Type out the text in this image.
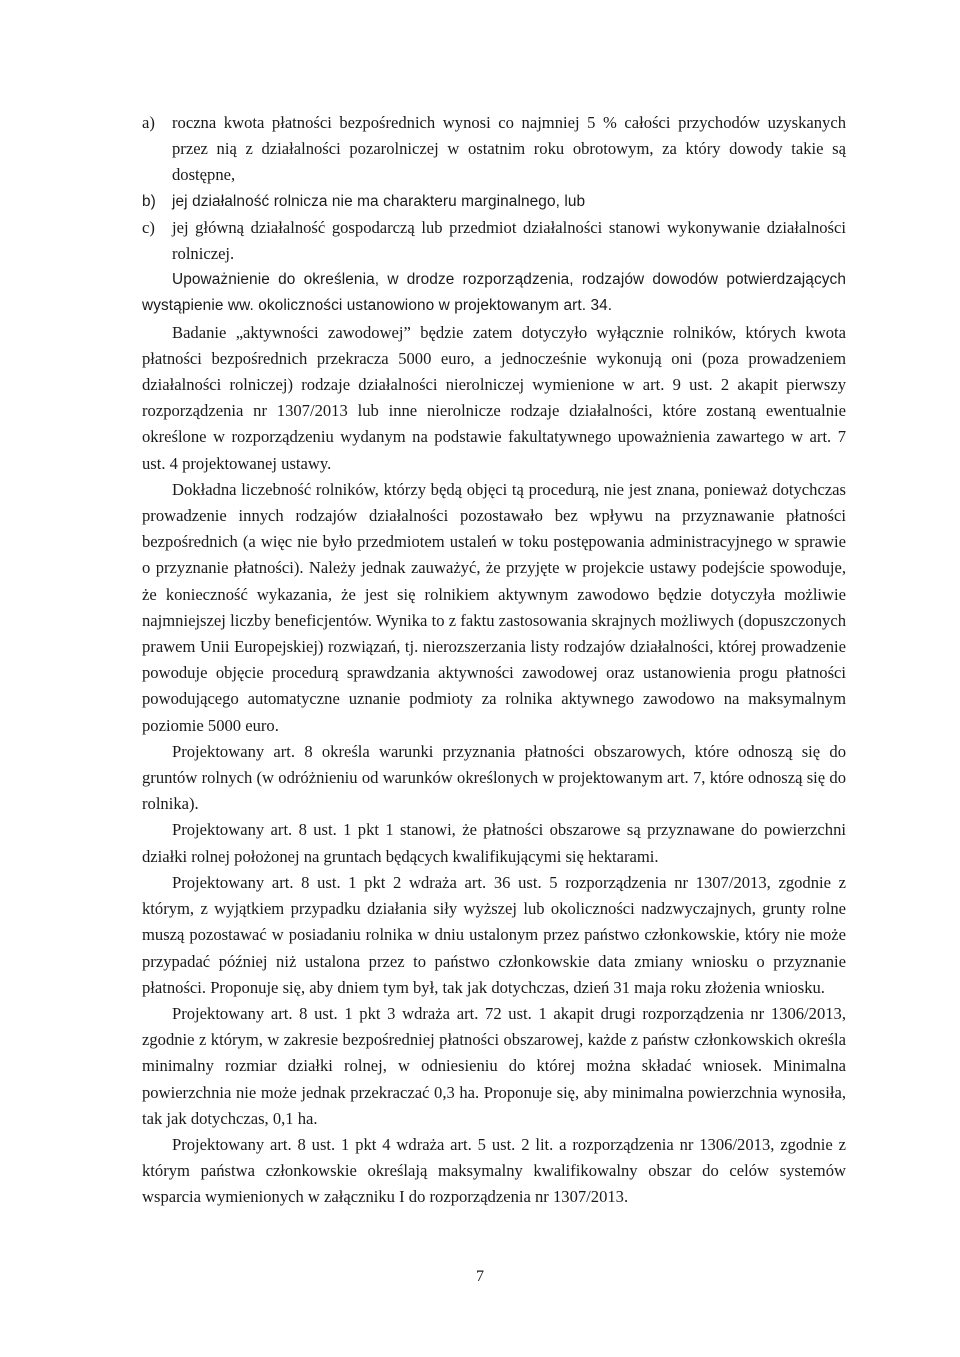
a)	roczna kwota płatności bezpośrednich wynosi co najmniej 5 % całości przychodów uzyskanych przez nią z działalności pozarolniczej w ostatnim roku obrotowym, za który dowody takie są dostępne,
b)	jej działalność rolnicza nie ma charakteru marginalnego, lub
c)	jej główną działalność gospodarczą lub przedmiot działalności stanowi wykonywanie działalności rolniczej.

Upoważnienie do określenia, w drodze rozporządzenia, rodzajów dowodów potwierdzających wystąpienie ww. okoliczności ustanowiono w projektowanym art. 34.

Badanie „aktywności zawodowej” będzie zatem dotyczyło wyłącznie rolników, których kwota płatności bezpośrednich przekracza 5000 euro, a jednocześnie wykonują oni (poza prowadzeniem działalności rolniczej) rodzaje działalności nierolniczej wymienione w art. 9 ust. 2 akapit pierwszy rozporządzenia nr 1307/2013 lub inne nierolnicze rodzaje działalności, które zostaną ewentualnie określone w rozporządzeniu wydanym na podstawie fakultatywnego upoważnienia zawartego w art. 7 ust. 4 projektowanej ustawy.

Dokładna liczebność rolników, którzy będą objęci tą procedurą, nie jest znana, ponieważ dotychczas prowadzenie innych rodzajów działalności pozostawało bez wpływu na przyznawanie płatności bezpośrednich (a więc nie było przedmiotem ustaleń w toku postępowania administracyjnego w sprawie o przyznanie płatności). Należy jednak zauważyć, że przyjęte w projekcie ustawy podejście spowoduje, że konieczność wykazania, że jest się rolnikiem aktywnym zawodowo będzie dotyczyła możliwie najmniejszej liczby beneficjentów. Wynika to z faktu zastosowania skrajnych możliwych (dopuszczonych prawem Unii Europejskiej) rozwiązań, tj. nierozszerzania listy rodzajów działalności, której prowadzenie powoduje objęcie procedurą sprawdzania aktywności zawodowej oraz ustanowienia progu płatności powodującego automatyczne uznanie podmioty za rolnika aktywnego zawodowo na maksymalnym poziomie 5000 euro.

Projektowany art. 8 określa warunki przyznania płatności obszarowych, które odnoszą się do gruntów rolnych (w odróżnieniu od warunków określonych w projektowanym art. 7, które odnoszą się do rolnika).

Projektowany art. 8 ust. 1 pkt 1 stanowi, że płatności obszarowe są przyznawane do powierzchni działki rolnej położonej na gruntach będących kwalifikującymi się hektarami.

Projektowany art. 8 ust. 1 pkt 2 wdraża art. 36 ust. 5 rozporządzenia nr 1307/2013, zgodnie z którym, z wyjątkiem przypadku działania siły wyższej lub okoliczności nadzwyczajnych, grunty rolne muszą pozostawać w posiadaniu rolnika w dniu ustalonym przez państwo członkowskie, który nie może przypadać później niż ustalona przez to państwo członkowskie data zmiany wniosku o przyznanie płatności. Proponuje się, aby dniem tym był, tak jak dotychczas, dzień 31 maja roku złożenia wniosku.

Projektowany art. 8 ust. 1 pkt 3 wdraża art. 72 ust. 1 akapit drugi rozporządzenia nr 1306/2013, zgodnie z którym, w zakresie bezpośredniej płatności obszarowej, każde z państw członkowskich określa minimalny rozmiar działki rolnej, w odniesieniu do której można składać wniosek. Minimalna powierzchnia nie może jednak przekraczać 0,3 ha. Proponuje się, aby minimalna powierzchnia wynosiła, tak jak dotychczas, 0,1 ha.

Projektowany art. 8 ust. 1 pkt 4 wdraża art. 5 ust. 2 lit. a rozporządzenia nr 1306/2013, zgodnie z którym państwa członkowskie określają maksymalny kwalifikowalny obszar do celów systemów wsparcia wymienionych w załączniku I do rozporządzenia nr 1307/2013.

7
